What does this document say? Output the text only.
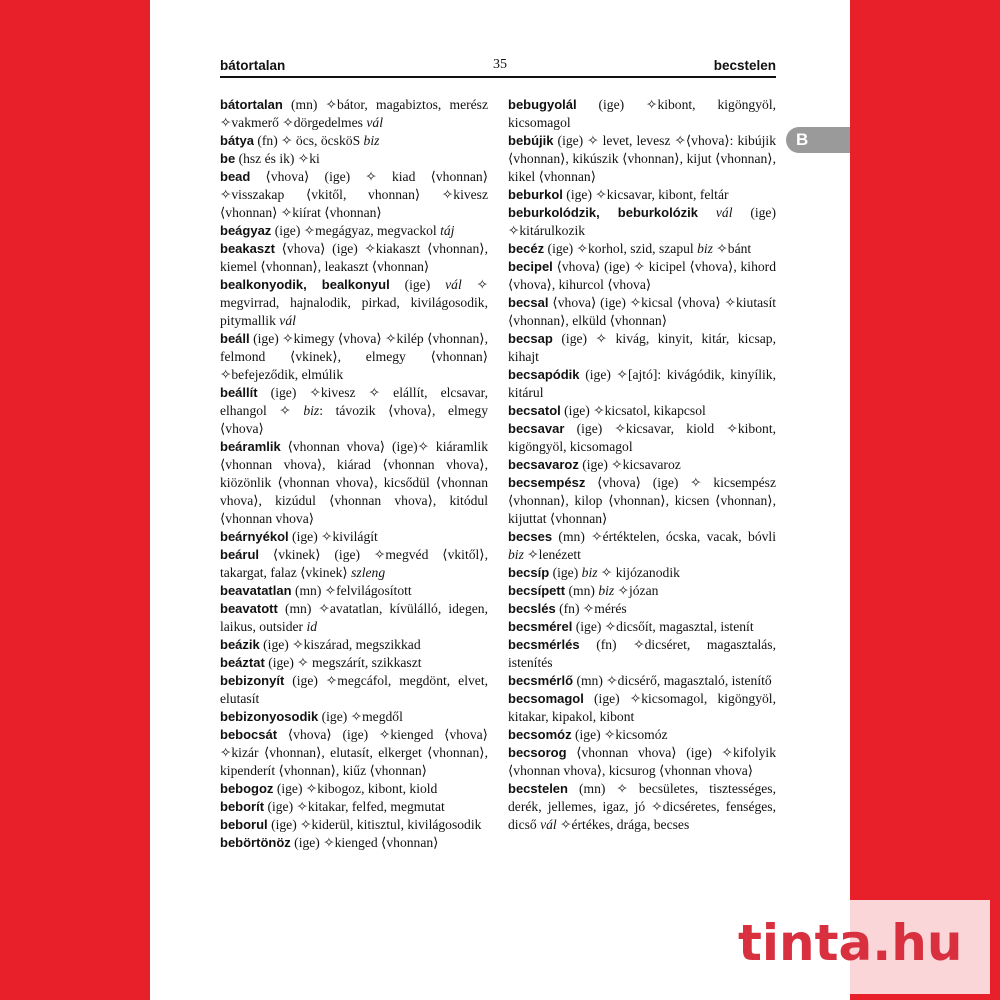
bátortalan	35	becstelen
bátortalan (mn) ✧bátor, magabiztos, merész ✧vakmerő ✧dörgedelmes vál
bátya (fn) ✧ öcs, öcsköS biz
be (hsz és ik) ✧ki
bead ⟨vhova⟩ (ige) ✧ kiad ⟨vhonnan⟩ ✧visszakap ⟨vkitől, vhonnan⟩ ✧kivesz ⟨vhonnan⟩ ✧kiírat ⟨vhonnan⟩
beágyaz (ige) ✧megágyaz, megvackol táj
beakaszt ⟨vhova⟩ (ige) ✧kiakaszt ⟨vhonnan⟩, kiemel ⟨vhonnan⟩, leakaszt ⟨vhonnan⟩
bealkonyodik, bealkonyul (ige) vál ✧ megvirrad, hajnalodik, pirkad, kivilágosodik, pitymallik vál
beáll (ige) ✧kimegy ⟨vhova⟩ ✧kilép ⟨vhonnan⟩, felmond ⟨vkinek⟩, elmegy ⟨vhonnan⟩ ✧befejeződik, elmúlik
beállít (ige) ✧kivesz ✧ elállít, elcsavar, elhangol ✧ biz: távozik ⟨vhova⟩, elmegy ⟨vhova⟩
beáramlik ⟨vhonnan vhova⟩ (ige)✧ kiáramlik ⟨vhonnan vhova⟩, kiárad ⟨vhonnan vhova⟩, kiözönlik ⟨vhonnan vhova⟩, kicsődül ⟨vhonnan vhova⟩, kizúdul ⟨vhonnan vhova⟩, kitódul ⟨vhonnan vhova⟩
beárnyékol (ige) ✧kivilágít
beárul ⟨vkinek⟩ (ige) ✧megvéd ⟨vkitől⟩, takargat, falaz ⟨vkinek⟩ szleng
beavatatlan (mn) ✧felvilágosított
beavatott (mn) ✧avatatlan, kívülálló, idegen, laikus, outsider id
beázik (ige) ✧kiszárad, megszikkad
beáztat (ige) ✧ megszárít, szikkaszt
bebizonyít (ige) ✧megcáfol, megdönt, elvet, elutasít
bebizonyosodik (ige) ✧megdől
bebocsát ⟨vhova⟩ (ige) ✧kienged ⟨vhova⟩ ✧kizár ⟨vhonnan⟩, elutasít, elkerget ⟨vhonnan⟩, kipenderít ⟨vhonnan⟩, kiűz ⟨vhonnan⟩
bebogoz (ige) ✧kibogoz, kibont, kiold
beborít (ige) ✧kitakar, felfed, megmutat
beborul (ige) ✧kiderül, kitisztul, kivilágosodik
bebörtönöz (ige) ✧kienged ⟨vhonnan⟩
bebugyolál (ige) ✧kibont, kigöngyöl, kicsomagol
bebújik (ige) ✧ levet, levesz ✧⟨vhova⟩: kibújik ⟨vhonnan⟩, kikúszik ⟨vhonnan⟩, kijut ⟨vhonnan⟩, kikel ⟨vhonnan⟩
beburkol (ige) ✧kicsavar, kibont, feltár
beburkolódzik, beburkolózik vál (ige) ✧kitárulkozik
becéz (ige) ✧korhol, szid, szapul biz ✧bánt
becipel ⟨vhova⟩ (ige) ✧ kicipel ⟨vhova⟩, kihord ⟨vhova⟩, kihurcol ⟨vhova⟩
becsal ⟨vhova⟩ (ige) ✧kicsal ⟨vhova⟩ ✧kiutasít ⟨vhonnan⟩, elküld ⟨vhonnan⟩
becsap (ige) ✧ kivág, kinyit, kitár, kicsap, kihajt
becsapódik (ige) ✧[ajtó]: kivágódik, kinyílik, kitárul
becsatol (ige) ✧kicsatol, kikapcsol
becsavar (ige) ✧kicsavar, kiold ✧kibont, kigöngyöl, kicsomagol
becsavaroz (ige) ✧kicsavaroz
becsempész ⟨vhova⟩ (ige) ✧ kicsempész ⟨vhonnan⟩, kilop ⟨vhonnan⟩, kicsen ⟨vhonnan⟩, kijuttat ⟨vhonnan⟩
becses (mn) ✧értéktelen, ócska, vacak, bóvli biz ✧lenézett
becsíp (ige) biz ✧ kijózanodik
becsípett (mn) biz ✧józan
becslés (fn) ✧mérés
becsmérel (ige) ✧dicsőít, magasztal, istenít
becsmérlés (fn) ✧dicséret, magasztalás, istenítés
becsmérlő (mn) ✧dicsérő, magasztaló, istenítő
becsomagol (ige) ✧kicsomagol, kigöngyöl, kitakar, kipakol, kibont
becsomóz (ige) ✧kicsomóz
becsorog ⟨vhonnan vhova⟩ (ige) ✧kifolyik ⟨vhonnan vhova⟩, kicsurog ⟨vhonnan vhova⟩
becstelen (mn) ✧ becsületes, tisztességes, derék, jellemes, igaz, jó ✧dicséretes, fenséges, dicső vál ✧értékes, drága, becses
B
tinta.hu
